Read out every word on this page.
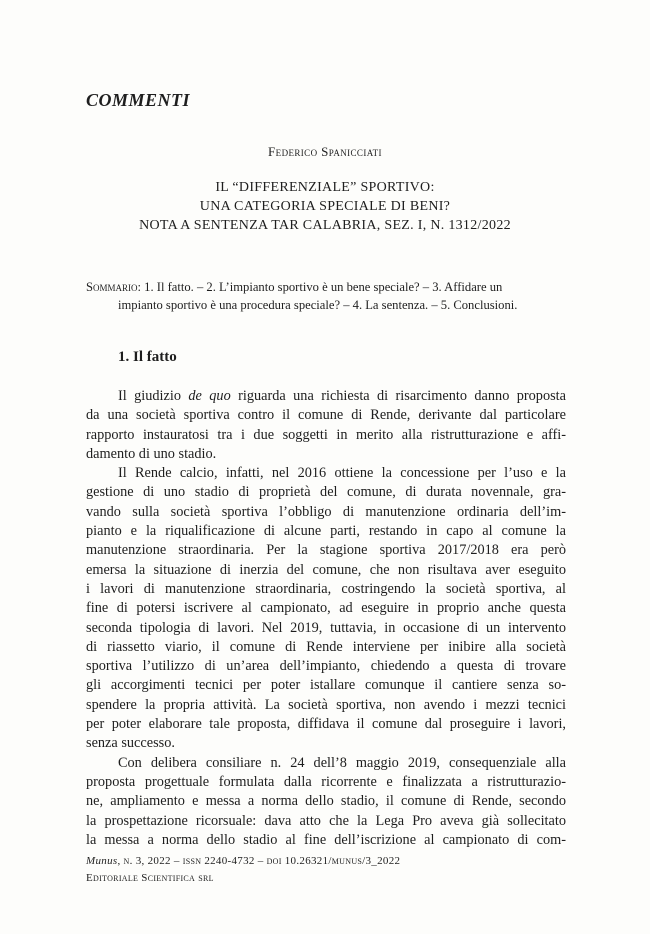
COMMENTI
Federico Spanicciati
IL “DIFFERENZIALE” SPORTIVO:
UNA CATEGORIA SPECIALE DI BENI?
NOTA A SENTENZA TAR CALABRIA, SEZ. I, N. 1312/2022
Sommario: 1. Il fatto. – 2. L’impianto sportivo è un bene speciale? – 3. Affidare un
impianto sportivo è una procedura speciale? – 4. La sentenza. – 5. Conclusioni.
1. Il fatto
Il giudizio de quo riguarda una richiesta di risarcimento danno proposta
da una società sportiva contro il comune di Rende, derivante dal particolare
rapporto instauratosi tra i due soggetti in merito alla ristrutturazione e affi-
damento di uno stadio.
Il Rende calcio, infatti, nel 2016 ottiene la concessione per l’uso e la
gestione di uno stadio di proprietà del comune, di durata novennale, gra-
vando sulla società sportiva l’obbligo di manutenzione ordinaria dell’im-
pianto e la riqualificazione di alcune parti, restando in capo al comune la
manutenzione straordinaria. Per la stagione sportiva 2017/2018 era però
emersa la situazione di inerzia del comune, che non risultava aver eseguito
i lavori di manutenzione straordinaria, costringendo la società sportiva, al
fine di potersi iscrivere al campionato, ad eseguire in proprio anche questa
seconda tipologia di lavori. Nel 2019, tuttavia, in occasione di un intervento
di riassetto viario, il comune di Rende interviene per inibire alla società
sportiva l’utilizzo di un’area dell’impianto, chiedendo a questa di trovare
gli accorgimenti tecnici per poter istallare comunque il cantiere senza so-
spendere la propria attività. La società sportiva, non avendo i mezzi tecnici
per poter elaborare tale proposta, diffidava il comune dal proseguire i lavori,
senza successo.
Con delibera consiliare n. 24 dell’8 maggio 2019, consequenziale alla
proposta progettuale formulata dalla ricorrente e finalizzata a ristrutturazio-
ne, ampliamento e messa a norma dello stadio, il comune di Rende, secondo
la prospettazione ricorsuale: dava atto che la Lega Pro aveva già sollecitato
la messa a norma dello stadio al fine dell’iscrizione al campionato di com-
Munus, n. 3, 2022 – issn 2240-4732 – doi 10.26321/munus/3_2022
Editoriale Scientifica srl
